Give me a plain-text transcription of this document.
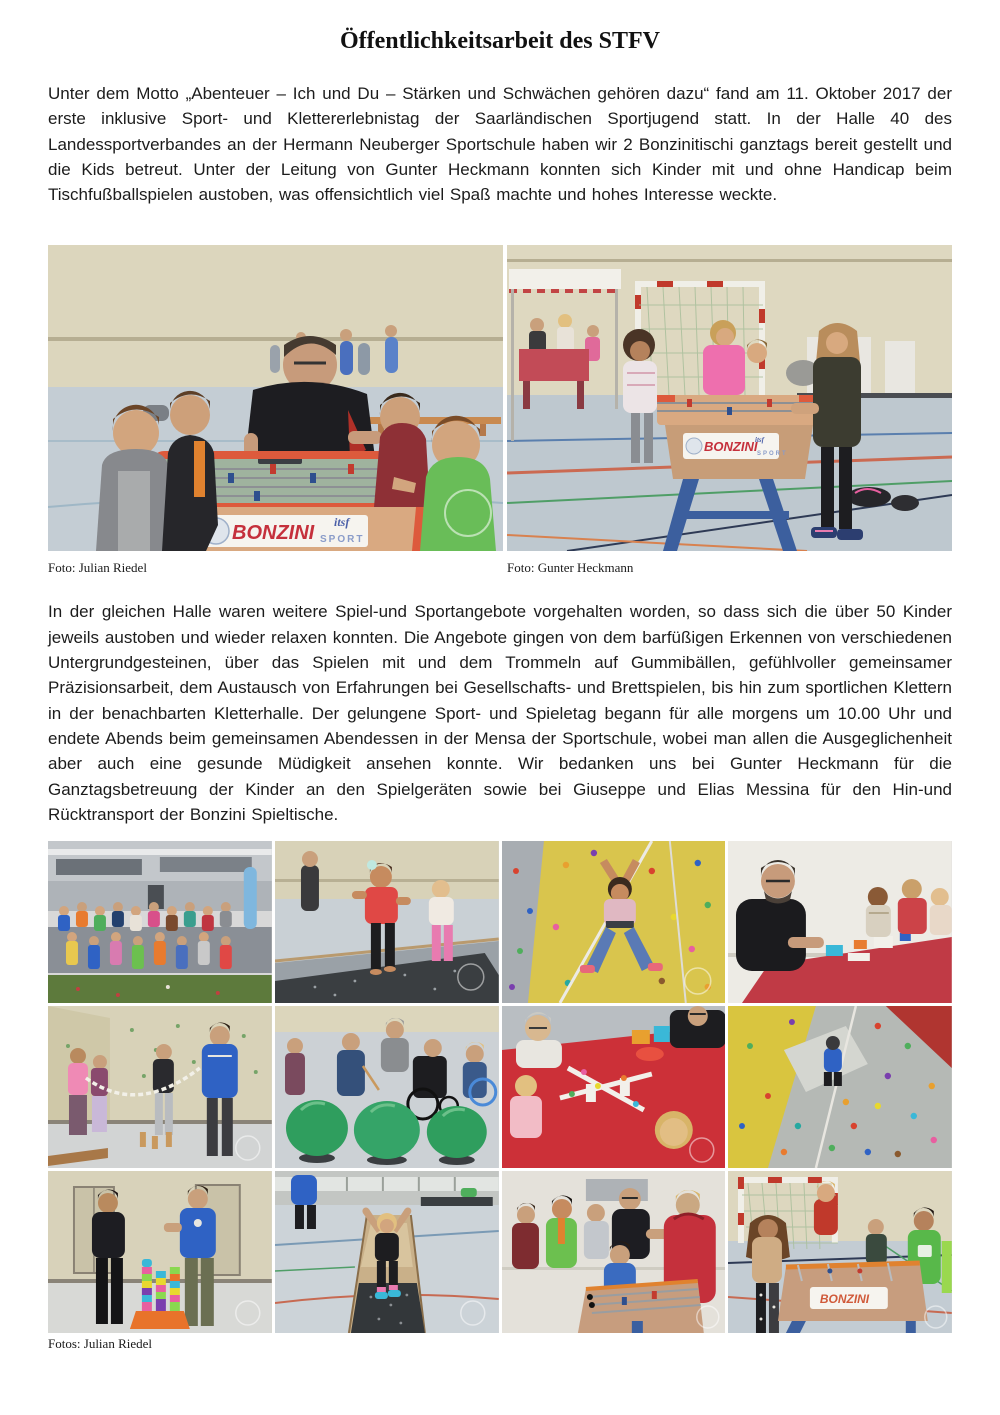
Öffentlichkeitsarbeit des STFV

Unter dem Motto „Abenteuer – Ich und Du – Stärken und Schwächen gehören dazu“ fand am 11. Oktober 2017 der erste inklusive Sport- und Klettererlebnistag der Saarländischen Sportjugend statt. In der Halle 40 des Landessportverbandes an der Hermann Neuberger Sportschule haben wir 2 Bonzinitischi ganztags bereit gestellt und die Kids betreut. Unter der Leitung von Gunter Heckmann konnten sich Kinder mit und ohne Handicap beim Tischfußballspielen austoben, was offensichtlich viel Spaß machte und hohes Interesse weckte.

BONZINI SPORT
itsf
BONZINI
itsf
SPORT
Foto: Julian Riedel	Foto: Gunter Heckmann

In der gleichen Halle waren weitere Spiel-und Sportangebote vorgehalten worden, so dass sich die über 50 Kinder jeweils austoben und wieder relaxen konnten. Die Angebote gingen von dem barfüßigen Erkennen von verschiedenen Untergrundgesteinen, über das Spielen mit und dem Trommeln auf Gummibällen, gefühlvoller gemeinsamer Präzisionsarbeit, dem Austausch von Erfahrungen bei Gesellschafts- und Brettspielen, bis hin zum sportlichen Klettern in der benachbarten Kletterhalle. Der gelungene Sport- und Spieletag begann für alle morgens um 10.00 Uhr und endete Abends beim gemeinsamen Abendessen in der Mensa der Sportschule, wobei man allen die Ausgeglichenheit aber auch eine gesunde Müdigkeit ansehen konnte. Wir bedanken uns bei Gunter Heckmann für die Ganztagsbetreuung der Kinder an den Spielgeräten sowie bei Giuseppe und Elias Messina für den Hin-und Rücktransport der Bonzini Spieltische.

BONZINI
Fotos: Julian Riedel
